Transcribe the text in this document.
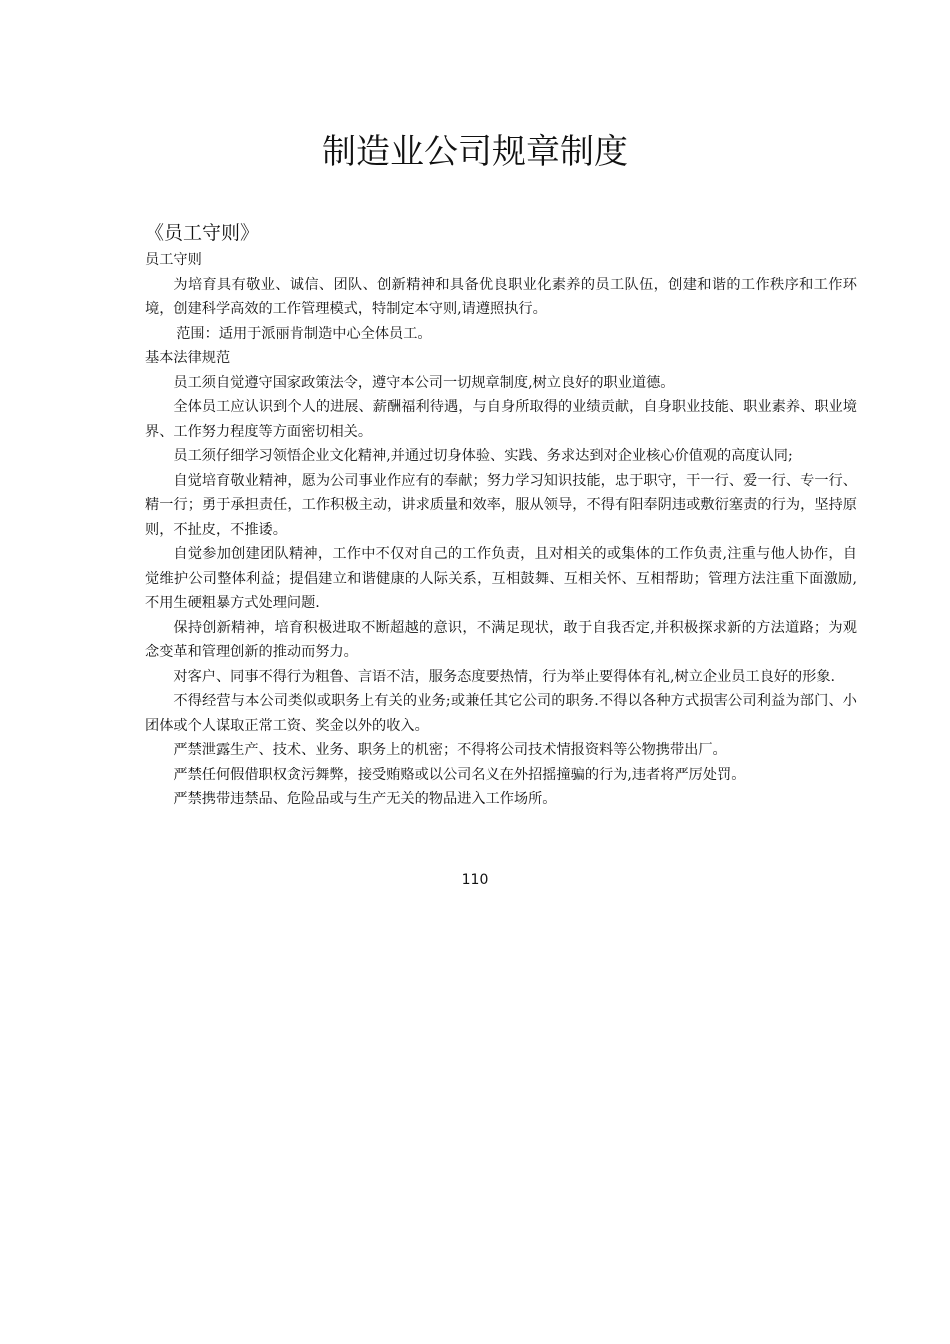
制造业公司规章制度

《员工守则》

员工守则

为培育具有敬业、诚信、团队、创新精神和具备优良职业化素养的员工队伍，创建和谐的工作秩序和工作环境，创建科学高效的工作管理模式，特制定本守则,请遵照执行。

范围：适用于派丽肯制造中心全体员工。

基本法律规范

员工须自觉遵守国家政策法令，遵守本公司一切规章制度,树立良好的职业道德。

全体员工应认识到个人的进展、薪酬福利待遇，与自身所取得的业绩贡献，自身职业技能、职业素养、职业境界、工作努力程度等方面密切相关。

员工须仔细学习领悟企业文化精神,并通过切身体验、实践、务求达到对企业核心价值观的高度认同;

自觉培育敬业精神，愿为公司事业作应有的奉献；努力学习知识技能，忠于职守，干一行、爱一行、专一行、精一行；勇于承担责任，工作积极主动，讲求质量和效率，服从领导，不得有阳奉阴违或敷衍塞责的行为，坚持原则，不扯皮，不推诿。

自觉参加创建团队精神，工作中不仅对自己的工作负责，且对相关的或集体的工作负责,注重与他人协作，自觉维护公司整体利益；提倡建立和谐健康的人际关系，互相鼓舞、互相关怀、互相帮助；管理方法注重下面激励,不用生硬粗暴方式处理问题.

保持创新精神，培育积极进取不断超越的意识，不满足现状，敢于自我否定,并积极探求新的方法道路；为观念变革和管理创新的推动而努力。

对客户、同事不得行为粗鲁、言语不洁，服务态度要热情，行为举止要得体有礼,树立企业员工良好的形象.

不得经营与本公司类似或职务上有关的业务;或兼任其它公司的职务.不得以各种方式损害公司利益为部门、小团体或个人谋取正常工资、奖金以外的收入。

严禁泄露生产、技术、业务、职务上的机密；不得将公司技术情报资料等公物携带出厂。

严禁任何假借职权贪污舞弊，接受贿赂或以公司名义在外招摇撞骗的行为,违者将严厉处罚。

严禁携带违禁品、危险品或与生产无关的物品进入工作场所。

110
